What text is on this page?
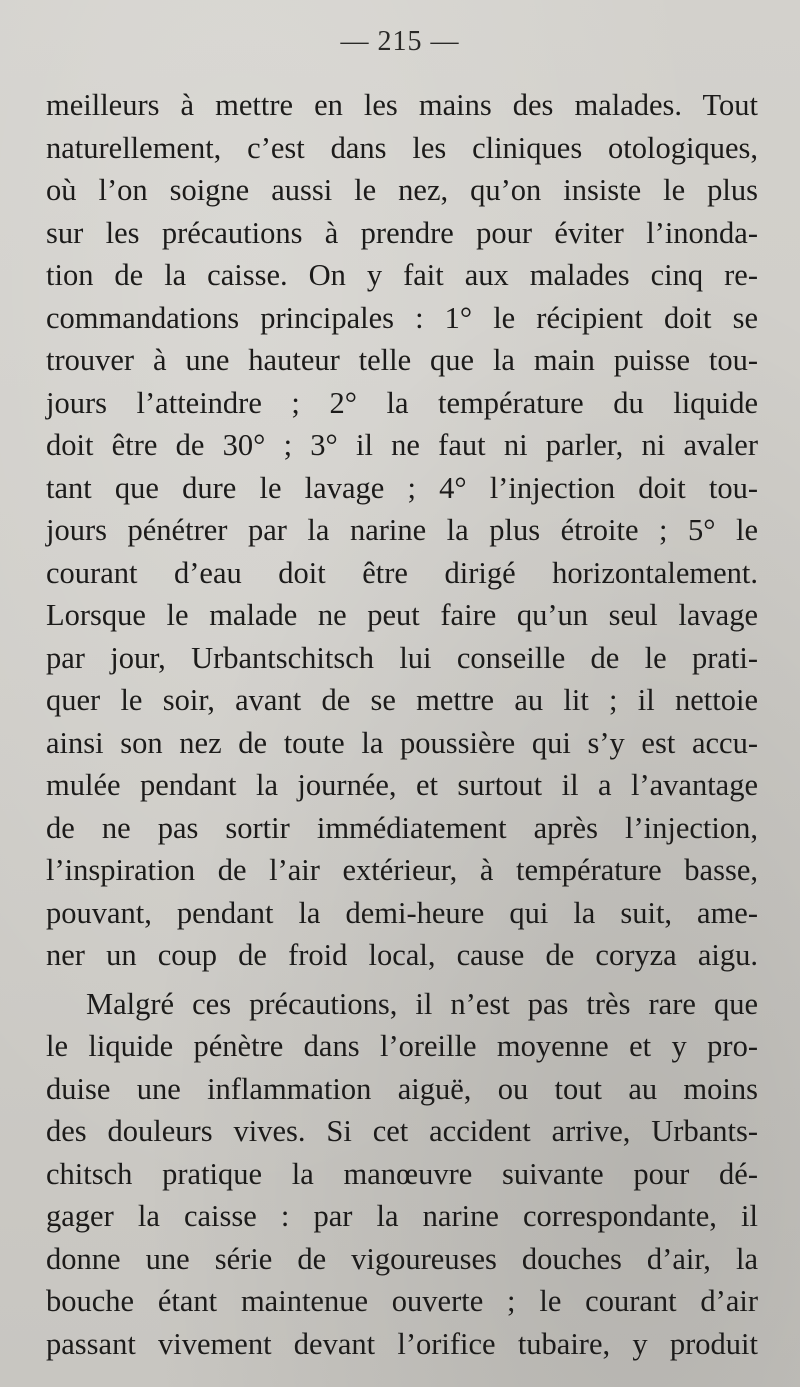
— 215 —
meilleurs à mettre en les mains des malades. Tout
naturellement, c’est dans les cliniques otologiques,
où l’on soigne aussi le nez, qu’on insiste le plus
sur les précautions à prendre pour éviter l’inonda-
tion de la caisse. On y fait aux malades cinq re-
commandations principales : 1° le récipient doit se
trouver à une hauteur telle que la main puisse tou-
jours l’atteindre ; 2° la température du liquide
doit être de 30° ; 3° il ne faut ni parler, ni avaler
tant que dure le lavage ; 4° l’injection doit tou-
jours pénétrer par la narine la plus étroite ; 5° le
courant d’eau doit être dirigé horizontalement.
Lorsque le malade ne peut faire qu’un seul lavage
par jour, Urbantschitsch lui conseille de le prati-
quer le soir, avant de se mettre au lit ; il nettoie
ainsi son nez de toute la poussière qui s’y est accu-
mulée pendant la journée, et surtout il a l’avantage
de ne pas sortir immédiatement après l’injection,
l’inspiration de l’air extérieur, à température basse,
pouvant, pendant la demi-heure qui la suit, ame-
ner un coup de froid local, cause de coryza aigu.
Malgré ces précautions, il n’est pas très rare que
le liquide pénètre dans l’oreille moyenne et y pro-
duise une inflammation aiguë, ou tout au moins
des douleurs vives. Si cet accident arrive, Urbants-
chitsch pratique la manœuvre suivante pour dé-
gager la caisse : par la narine correspondante, il
donne une série de vigoureuses douches d’air, la
bouche étant maintenue ouverte ; le courant d’air
passant vivement devant l’orifice tubaire, y produit
